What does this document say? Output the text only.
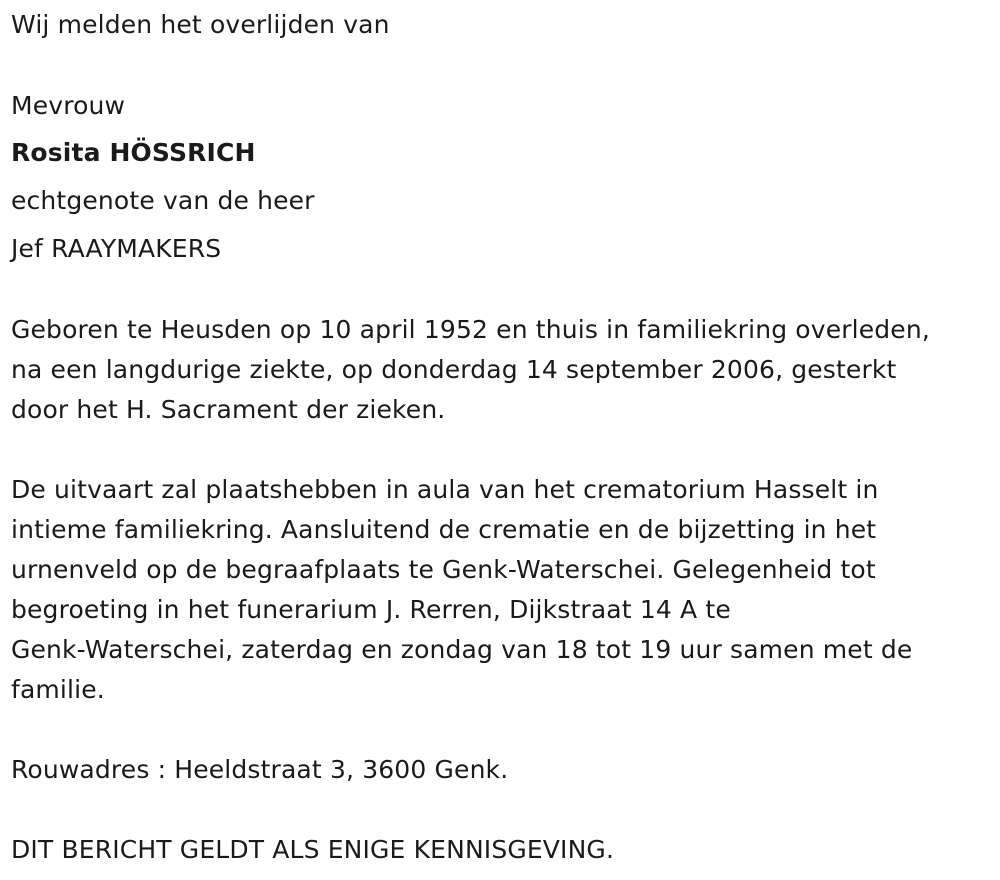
Wij melden het overlijden van
Mevrouw
Rosita HÖSSRICH
echtgenote van de heer
Jef RAAYMAKERS
Geboren te Heusden op 10 april 1952 en thuis in familiekring overleden,
na een langdurige ziekte, op donderdag 14 september 2006, gesterkt
door het H. Sacrament der zieken.
De uitvaart zal plaatshebben in aula van het crematorium Hasselt in
intieme familiekring. Aansluitend de crematie en de bijzetting in het
urnenveld op de begraafplaats te Genk-Waterschei. Gelegenheid tot
begroeting in het funerarium J. Rerren, Dijkstraat 14 A te
Genk-Waterschei, zaterdag en zondag van 18 tot 19 uur samen met de
familie.
Rouwadres : Heeldstraat 3, 3600 Genk.
DIT BERICHT GELDT ALS ENIGE KENNISGEVING.
